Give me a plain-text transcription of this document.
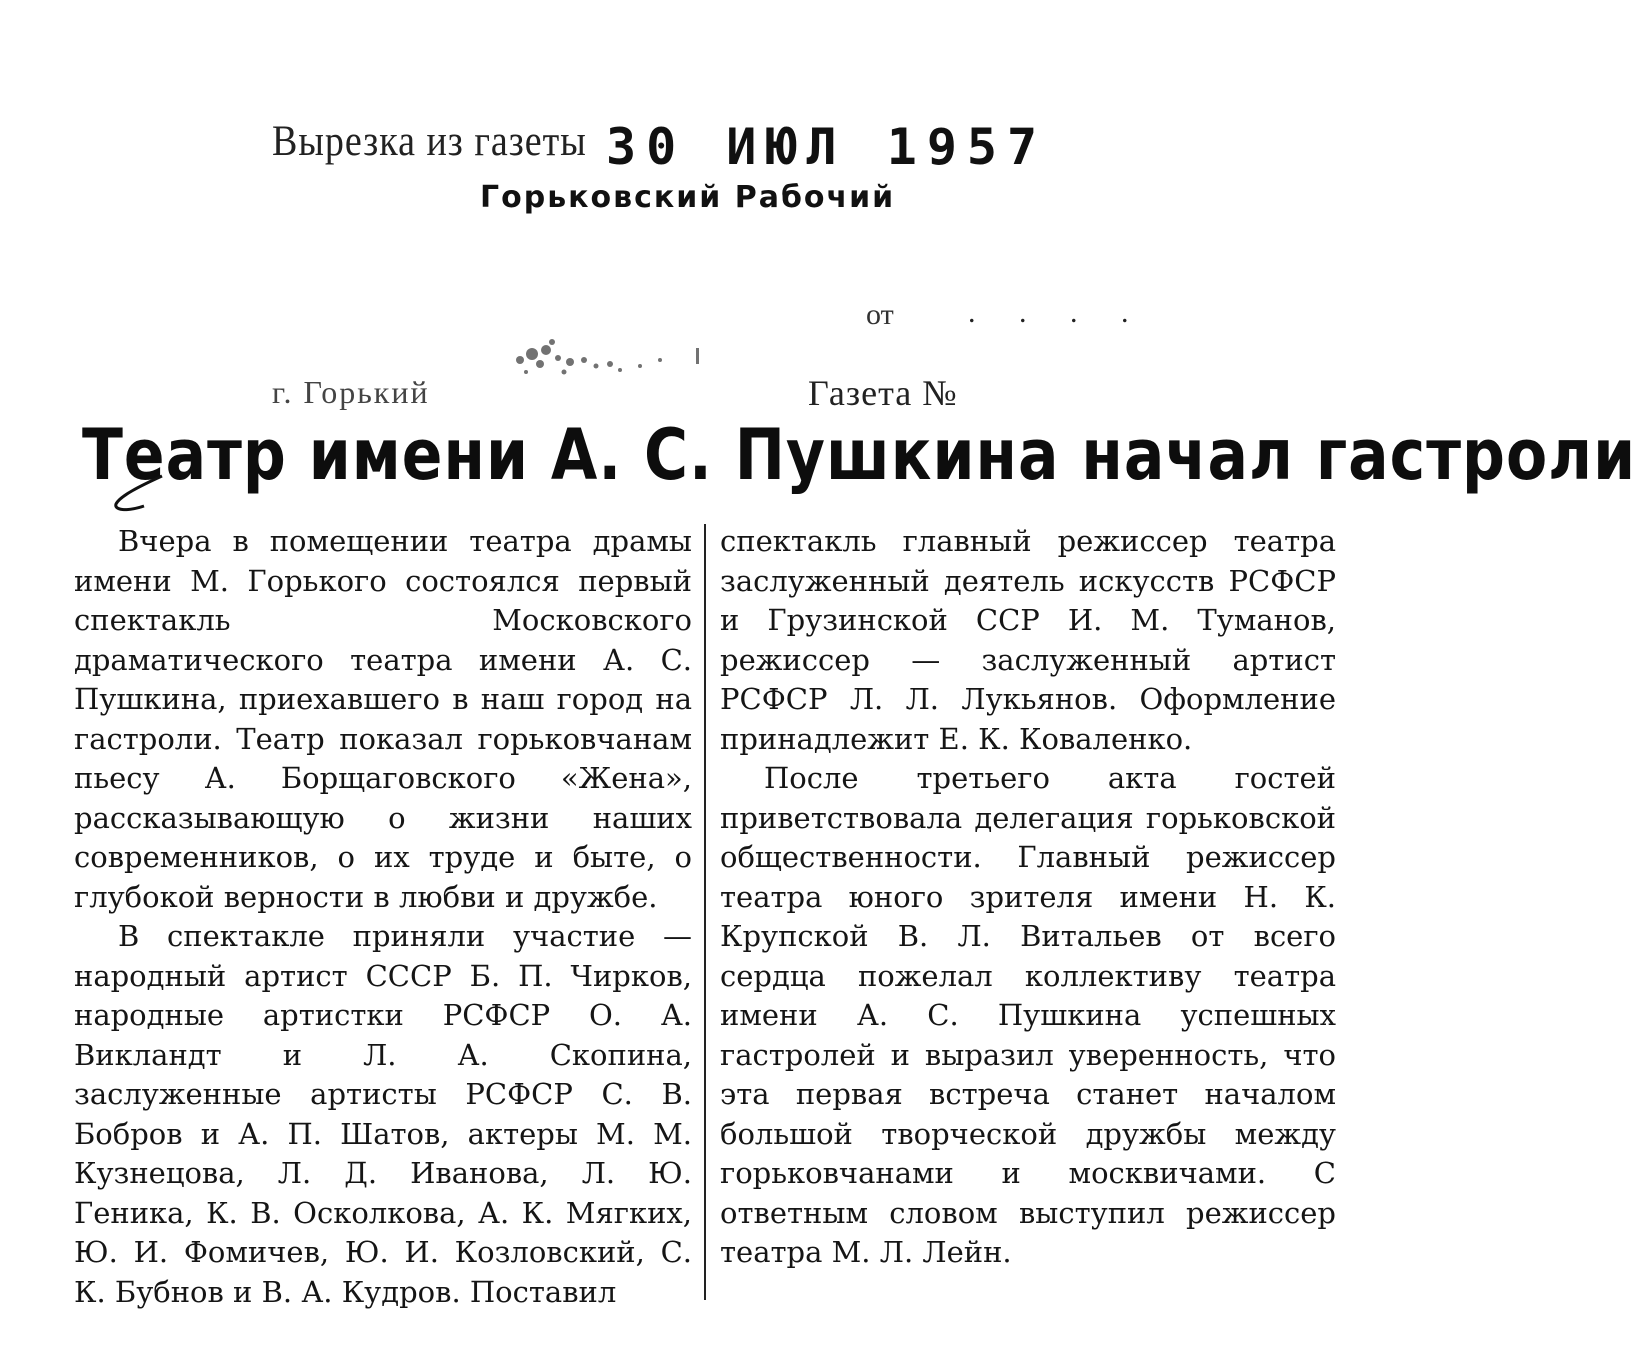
Вырезка из газеты 30 ИЮЛ 1957
Горьковский Рабочий
от . . . .
г. Горький	Газета №
Театр имени А. С. Пушкина начал гастроли

Вчера в помещении театра драмы имени М. Горького состоялся первый спектакль Московского драматического театра имени А. С. Пушкина, приехавшего в наш город на гастроли. Театр показал горьковчанам пьесу А. Борщаговского «Жена», рассказывающую о жизни наших современников, о их труде и быте, о глубокой верности в любви и дружбе.

В спектакле приняли участие — народный артист СССР Б. П. Чирков, народные артистки РСФСР О. А. Викландт и Л. А. Скопина, заслуженные артисты РСФСР С. В. Бобров и А. П. Шатов, актеры М. М. Кузнецова, Л. Д. Иванова, Л. Ю. Геника, К. В. Осколкова, А. К. Мягких, Ю. И. Фомичев, Ю. И. Козловский, С. К. Бубнов и В. А. Кудров. Поставил

спектакль главный режиссер театра заслуженный деятель искусств РСФСР и Грузинской ССР И. М. Туманов, режиссер — заслуженный артист РСФСР Л. Л. Лукьянов. Оформление принадлежит Е. К. Коваленко.

После третьего акта гостей приветствовала делегация горьковской общественности. Главный режиссер театра юного зрителя имени Н. К. Крупской В. Л. Витальев от всего сердца пожелал коллективу театра имени А. С. Пушкина успешных гастролей и выразил уверенность, что эта первая встреча станет началом большой творческой дружбы между горьковчанами и москвичами. С ответным словом выступил режиссер театра М. Л. Лейн.
